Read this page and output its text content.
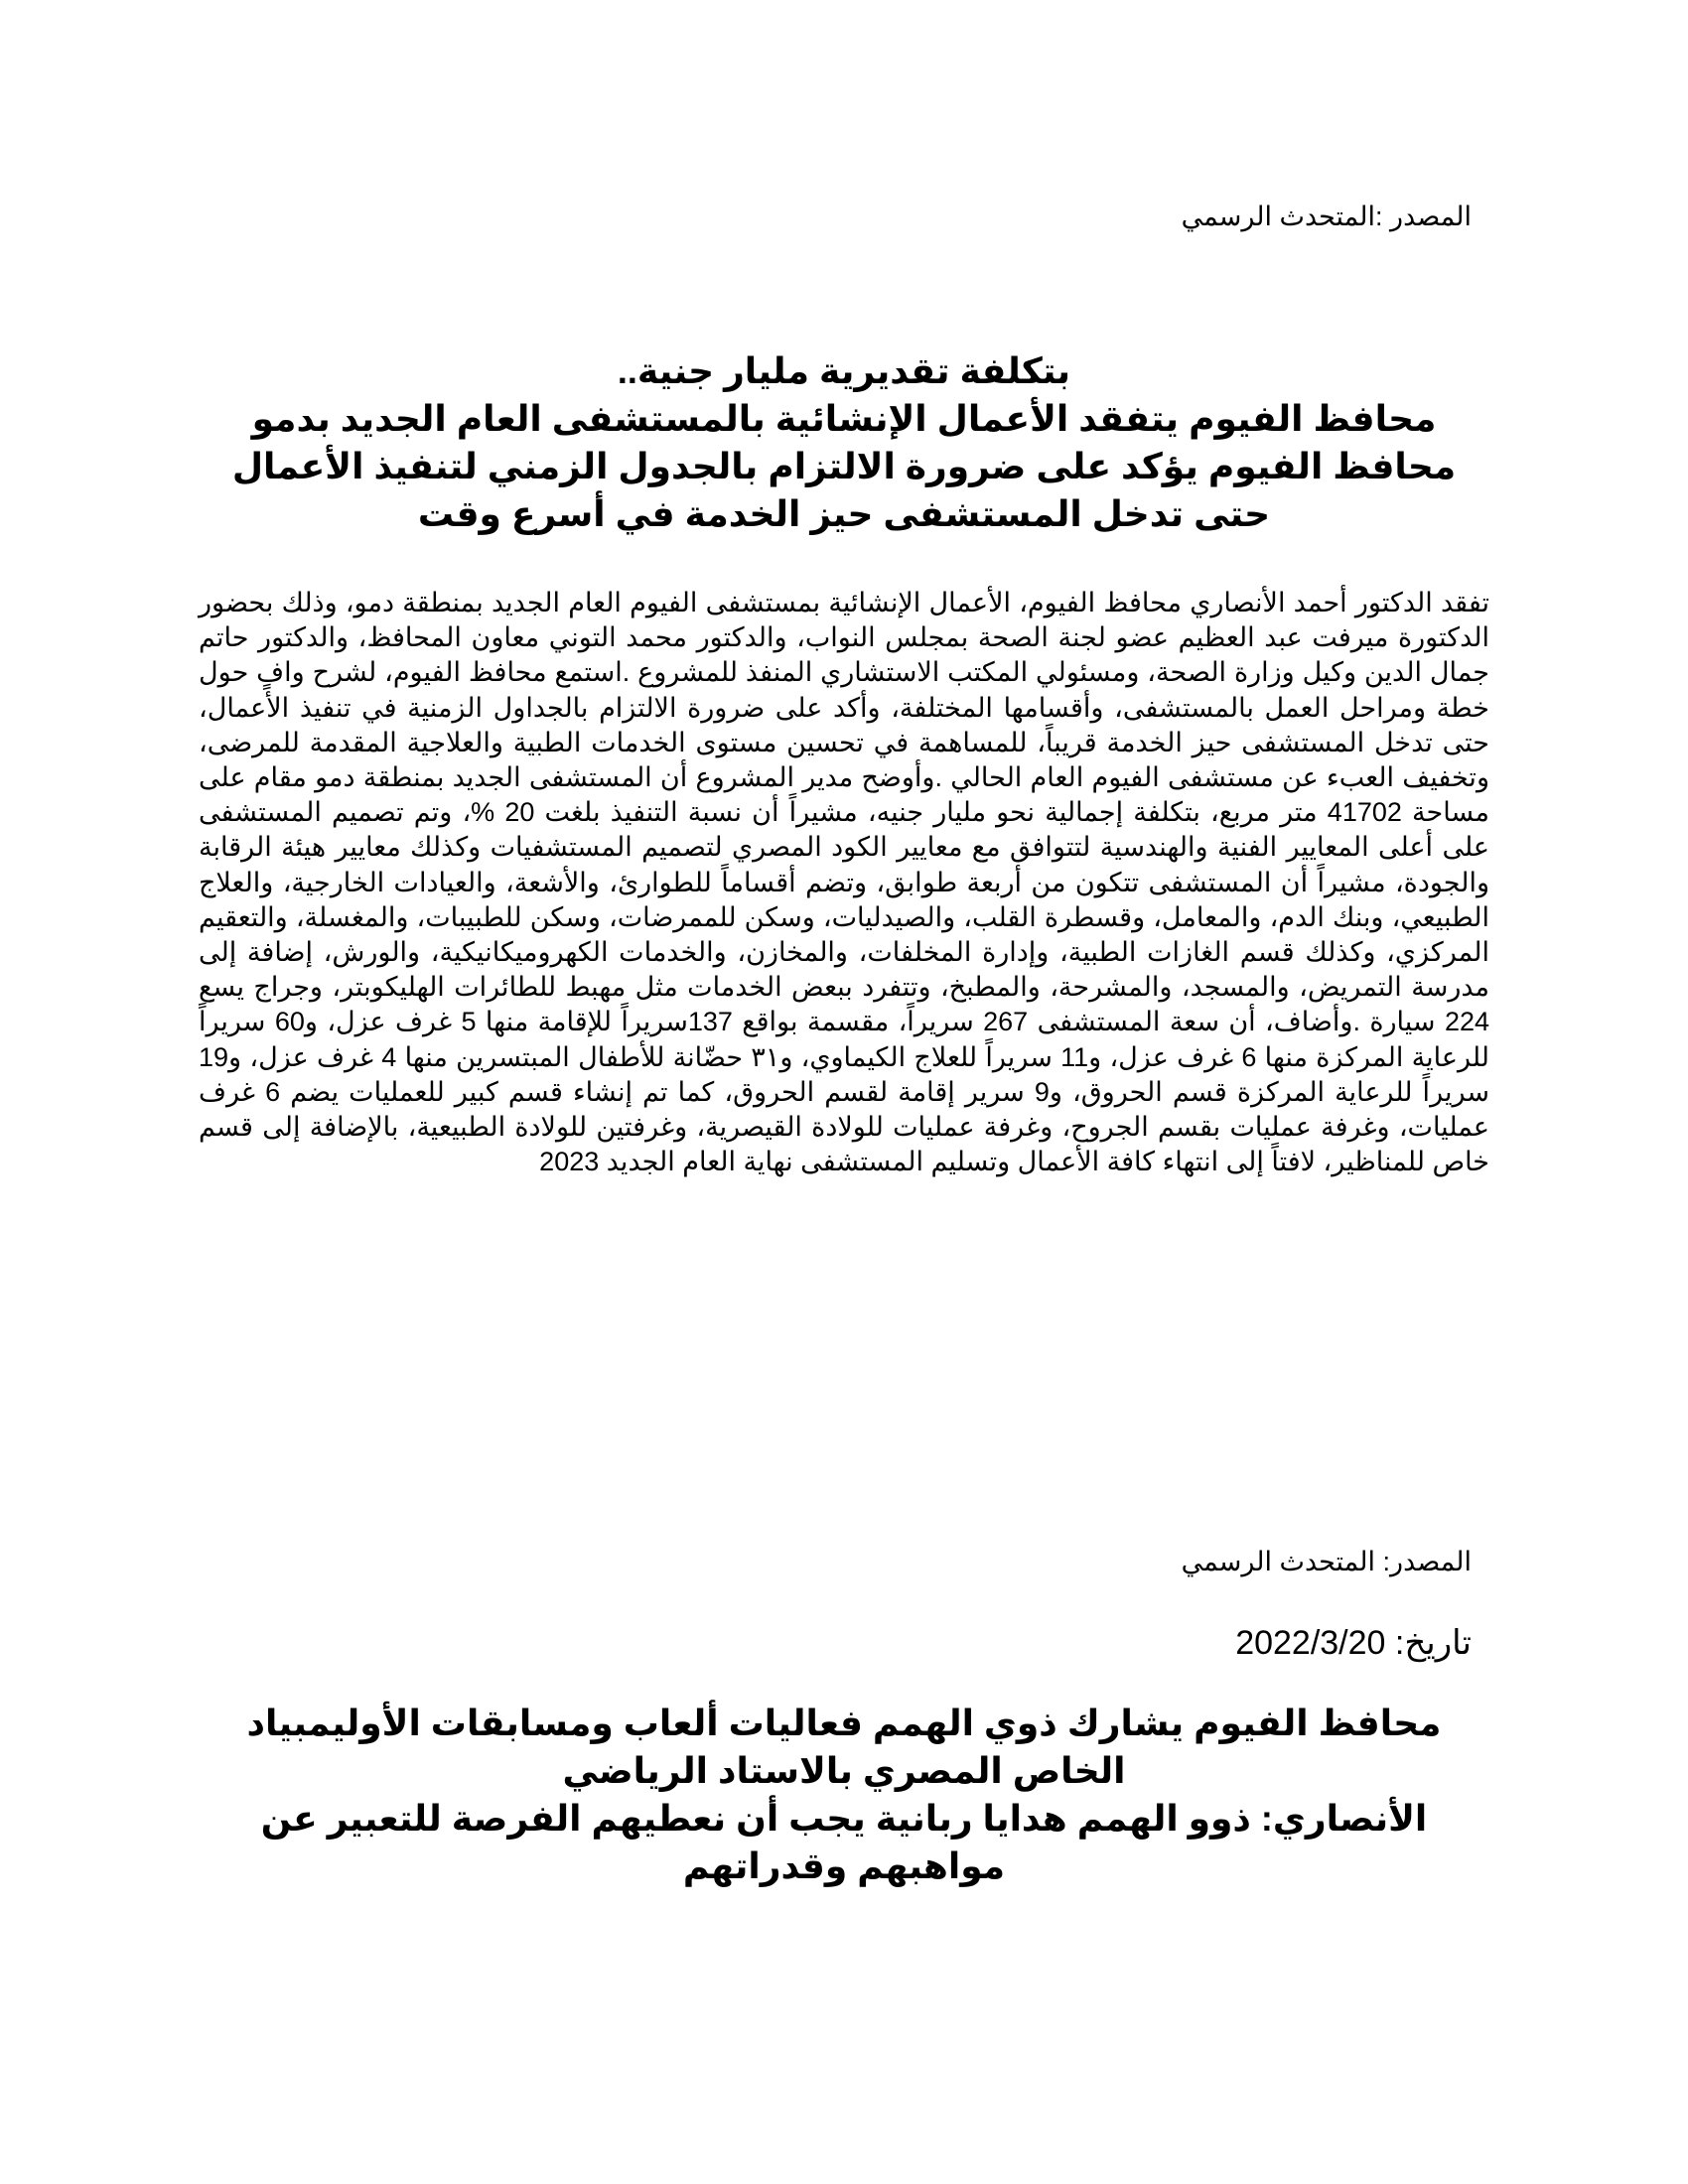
المصدر :المتحدث الرسمي

بتكلفة تقديرية مليار جنية..
محافظ الفيوم يتفقد الأعمال الإنشائية بالمستشفى العام الجديد بدمو
محافظ الفيوم يؤكد على ضرورة الالتزام بالجدول الزمني لتنفيذ الأعمال حتى تدخل المستشفى حيز الخدمة في أسرع وقت

تفقد الدكتور أحمد الأنصاري محافظ الفيوم، الأعمال الإنشائية بمستشفى الفيوم العام الجديد بمنطقة دمو، وذلك بحضور الدكتورة ميرفت عبد العظيم عضو لجنة الصحة بمجلس النواب، والدكتور محمد التوني معاون المحافظ، والدكتور حاتم جمال الدين وكيل وزارة الصحة، ومسئولي المكتب الاستشاري المنفذ للمشروع .استمع محافظ الفيوم، لشرح وافٍ حول خطة ومراحل العمل بالمستشفى، وأقسامها المختلفة، وأكد على ضرورة الالتزام بالجداول الزمنية في تنفيذ الأعمال، حتى تدخل المستشفى حيز الخدمة قريباً، للمساهمة في تحسين مستوى الخدمات الطبية والعلاجية المقدمة للمرضى، وتخفيف العبء عن مستشفى الفيوم العام الحالي .وأوضح مدير المشروع أن المستشفى الجديد بمنطقة دمو مقام على مساحة 41702 متر مربع، بتكلفة إجمالية نحو مليار جنيه، مشيراً أن نسبة التنفيذ بلغت 20 %، وتم تصميم المستشفى على أعلى المعايير الفنية والهندسية لتتوافق مع معايير الكود المصري لتصميم المستشفيات وكذلك معايير هيئة الرقابة والجودة، مشيراً أن المستشفى تتكون من أربعة طوابق، وتضم أقساماً للطوارئ، والأشعة، والعيادات الخارجية، والعلاج الطبيعي، وبنك الدم، والمعامل، وقسطرة القلب، والصيدليات، وسكن للممرضات، وسكن للطبيبات، والمغسلة، والتعقيم المركزي، وكذلك قسم الغازات الطبية، وإدارة المخلفات، والمخازن، والخدمات الكهروميكانيكية، والورش، إضافة إلى مدرسة التمريض، والمسجد، والمشرحة، والمطبخ، وتتفرد ببعض الخدمات مثل مهبط للطائرات الهليكوبتر، وجراج يسع 224 سيارة .وأضاف، أن سعة المستشفى 267 سريراً، مقسمة بواقع 137سريراً للإقامة منها 5 غرف عزل، و60 سريراً للرعاية المركزة منها 6 غرف عزل، و11 سريراً للعلاج الكيماوي، و٣١ حضّانة للأطفال المبتسرين منها 4 غرف عزل، و19 سريراً للرعاية المركزة قسم الحروق، و9 سرير إقامة لقسم الحروق، كما تم إنشاء قسم كبير للعمليات يضم 6 غرف عمليات، وغرفة عمليات بقسم الجروح، وغرفة عمليات للولادة القيصرية، وغرفتين للولادة الطبيعية، بالإضافة إلى قسم خاص للمناظير، لافتاً إلى انتهاء كافة الأعمال وتسليم المستشفى نهاية العام الجديد 2023

المصدر: المتحدث الرسمي

تاريخ: 2022/3/20

محافظ الفيوم يشارك ذوي الهمم فعاليات ألعاب ومسابقات الأوليمبياد الخاص المصري بالاستاد الرياضي
الأنصاري: ذوو الهمم هدايا ربانية يجب أن نعطيهم الفرصة للتعبير عن مواهبهم وقدراتهم
